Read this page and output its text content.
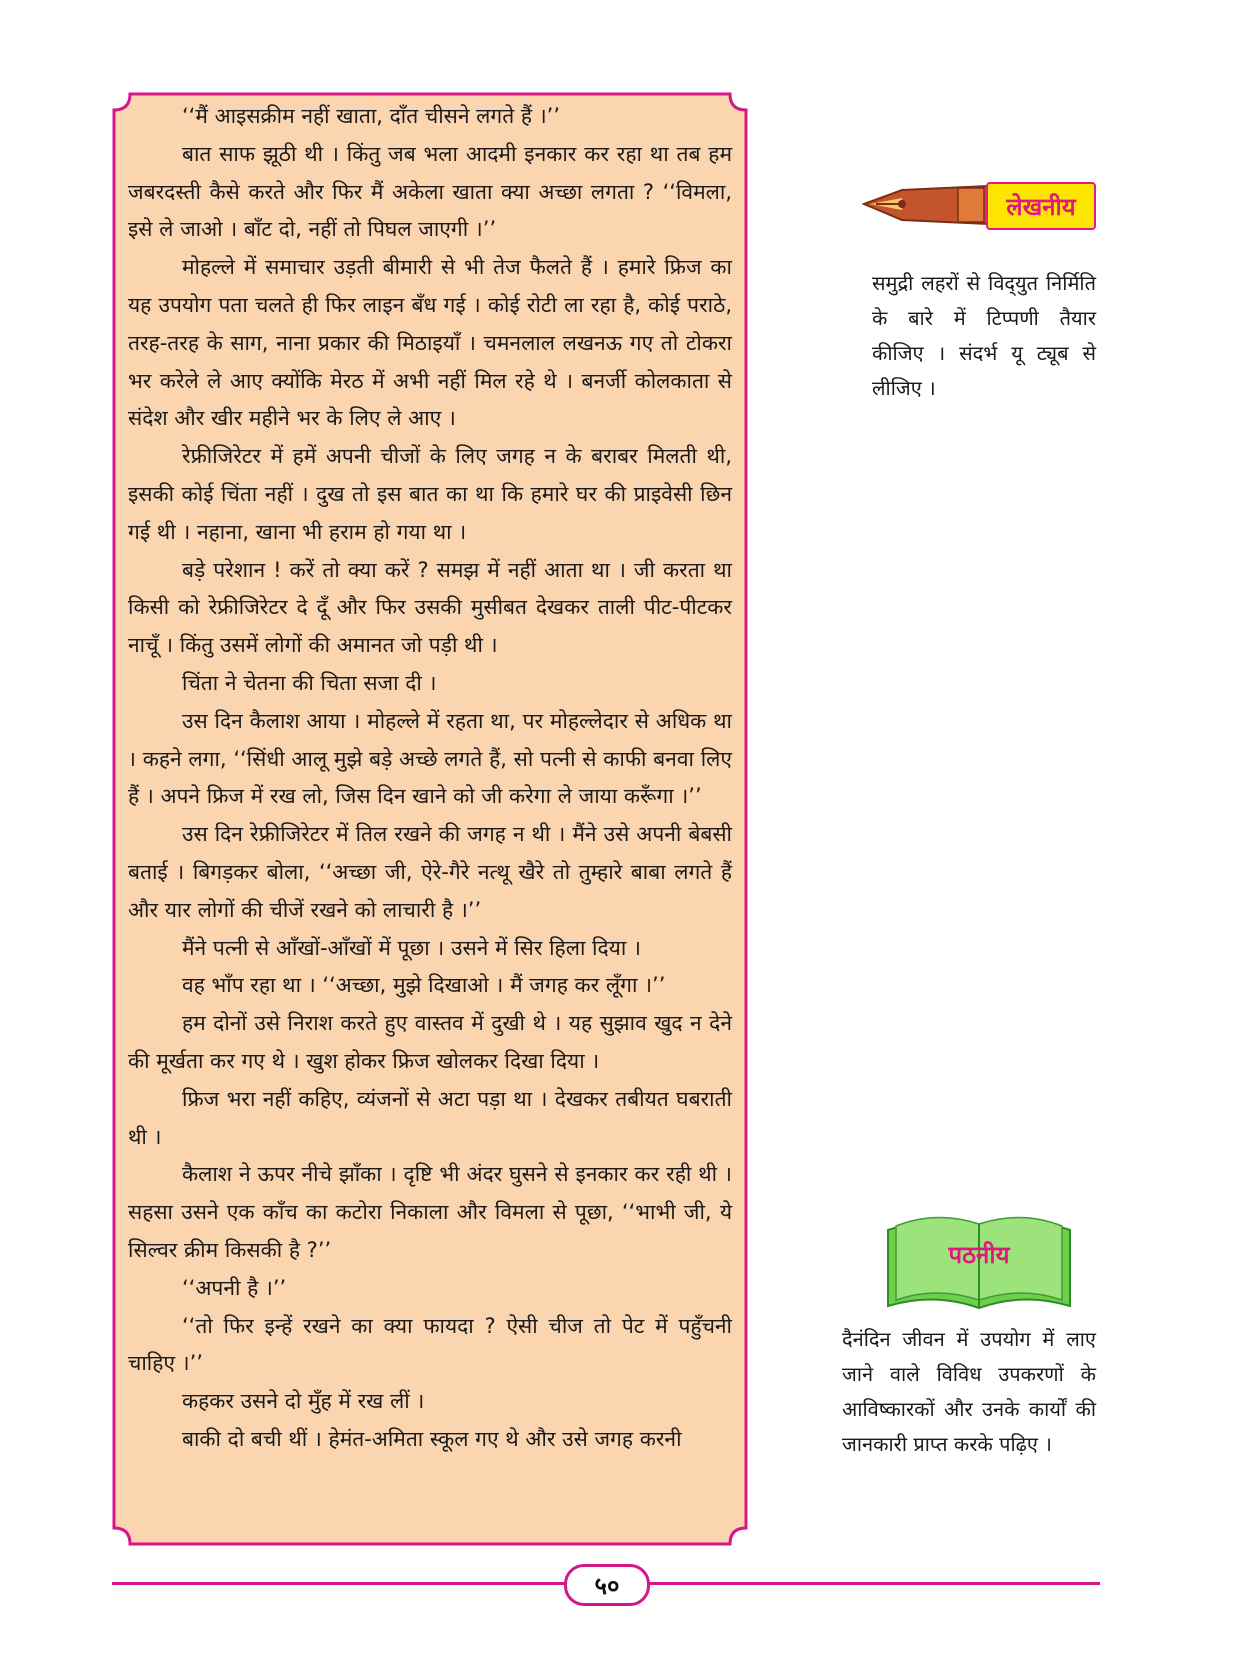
‘‘मैं आइसक्रीम नहीं खाता, दाँत चीसने लगते हैं ।’’

बात साफ झूठी थी । किंतु जब भला आदमी इनकार कर रहा था तब हम जबरदस्ती कैसे करते और फिर मैं अकेला खाता क्या अच्छा लगता ? ‘‘विमला, इसे ले जाओ । बाँट दो, नहीं तो पिघल जाएगी ।’’

मोहल्ले में समाचार उड़ती बीमारी से भी तेज फैलते हैं । हमारे फ्रिज का यह उपयोग पता चलते ही फिर लाइन बँध गई । कोई रोटी ला रहा है, कोई पराठे, तरह-तरह के साग, नाना प्रकार की मिठाइयाँ । चमनलाल लखनऊ गए तो टोकरा भर करेले ले आए क्योंकि मेरठ में अभी नहीं मिल रहे थे । बनर्जी कोलकाता से संदेश और खीर महीने भर के लिए ले आए ।

रेफ्रीजिरेटर में हमें अपनी चीजों के लिए जगह न के बराबर मिलती थी, इसकी कोई चिंता नहीं । दुख तो इस बात का था कि हमारे घर की प्राइवेसी छिन गई थी । नहाना, खाना भी हराम हो गया था ।

बड़े परेशान ! करें तो क्या करें ? समझ में नहीं आता था । जी करता था किसी को रेफ्रीजिरेटर दे दूँ और फिर उसकी मुसीबत देखकर ताली पीट-पीटकर नाचूँ । किंतु उसमें लोगों की अमानत जो पड़ी थी ।

चिंता ने चेतना की चिता सजा दी ।

उस दिन कैलाश आया । मोहल्ले में रहता था, पर मोहल्लेदार से अधिक था । कहने लगा, ‘‘सिंधी आलू मुझे बड़े अच्छे लगते हैं, सो पत्नी से काफी बनवा लिए हैं । अपने फ्रिज में रख लो, जिस दिन खाने को जी करेगा ले जाया करूँगा ।’’

उस दिन रेफ्रीजिरेटर में तिल रखने की जगह न थी । मैंने उसे अपनी बेबसी बताई । बिगड़कर बोला, ‘‘अच्छा जी, ऐरे-गैरे नत्थू खैरे तो तुम्हारे बाबा लगते हैं और यार लोगों की चीजें रखने को लाचारी है ।’’

मैंने पत्नी से आँखों-आँखों में पूछा । उसने में सिर हिला दिया ।

वह भाँप रहा था । ‘‘अच्छा, मुझे दिखाओ । मैं जगह कर लूँगा ।’’

हम दोनों उसे निराश करते हुए वास्तव में दुखी थे । यह सुझाव खुद न देने की मूर्खता कर गए थे । खुश होकर फ्रिज खोलकर दिखा दिया ।

फ्रिज भरा नहीं कहिए, व्यंजनों से अटा पड़ा था । देखकर तबीयत घबराती थी ।

कैलाश ने ऊपर नीचे झाँका । दृष्टि भी अंदर घुसने से इनकार कर रही थी । सहसा उसने एक काँच का कटोरा निकाला और विमला से पूछा, ‘‘भाभी जी, ये सिल्वर क्रीम किसकी है ?’’

‘‘अपनी है ।’’

‘‘तो फिर इन्हें रखने का क्या फायदा ? ऐसी चीज तो पेट में पहुँचनी चाहिए ।’’

कहकर उसने दो मुँह में रख लीं ।

बाकी दो बची थीं । हेमंत-अमिता स्कूल गए थे और उसे जगह करनी

लेखनीय
समुद्री लहरों से विद्‌युत निर्मिति के बारे में टिप्पणी तैयार कीजिए । संदर्भ यू ट्यूब से लीजिए ।
पठनीय
दैनंदिन जीवन में उपयोग में लाए जाने वाले विविध उपकरणों के आविष्कारकों और उनके कार्यों की जानकारी प्राप्त करके पढ़िए ।
५०
